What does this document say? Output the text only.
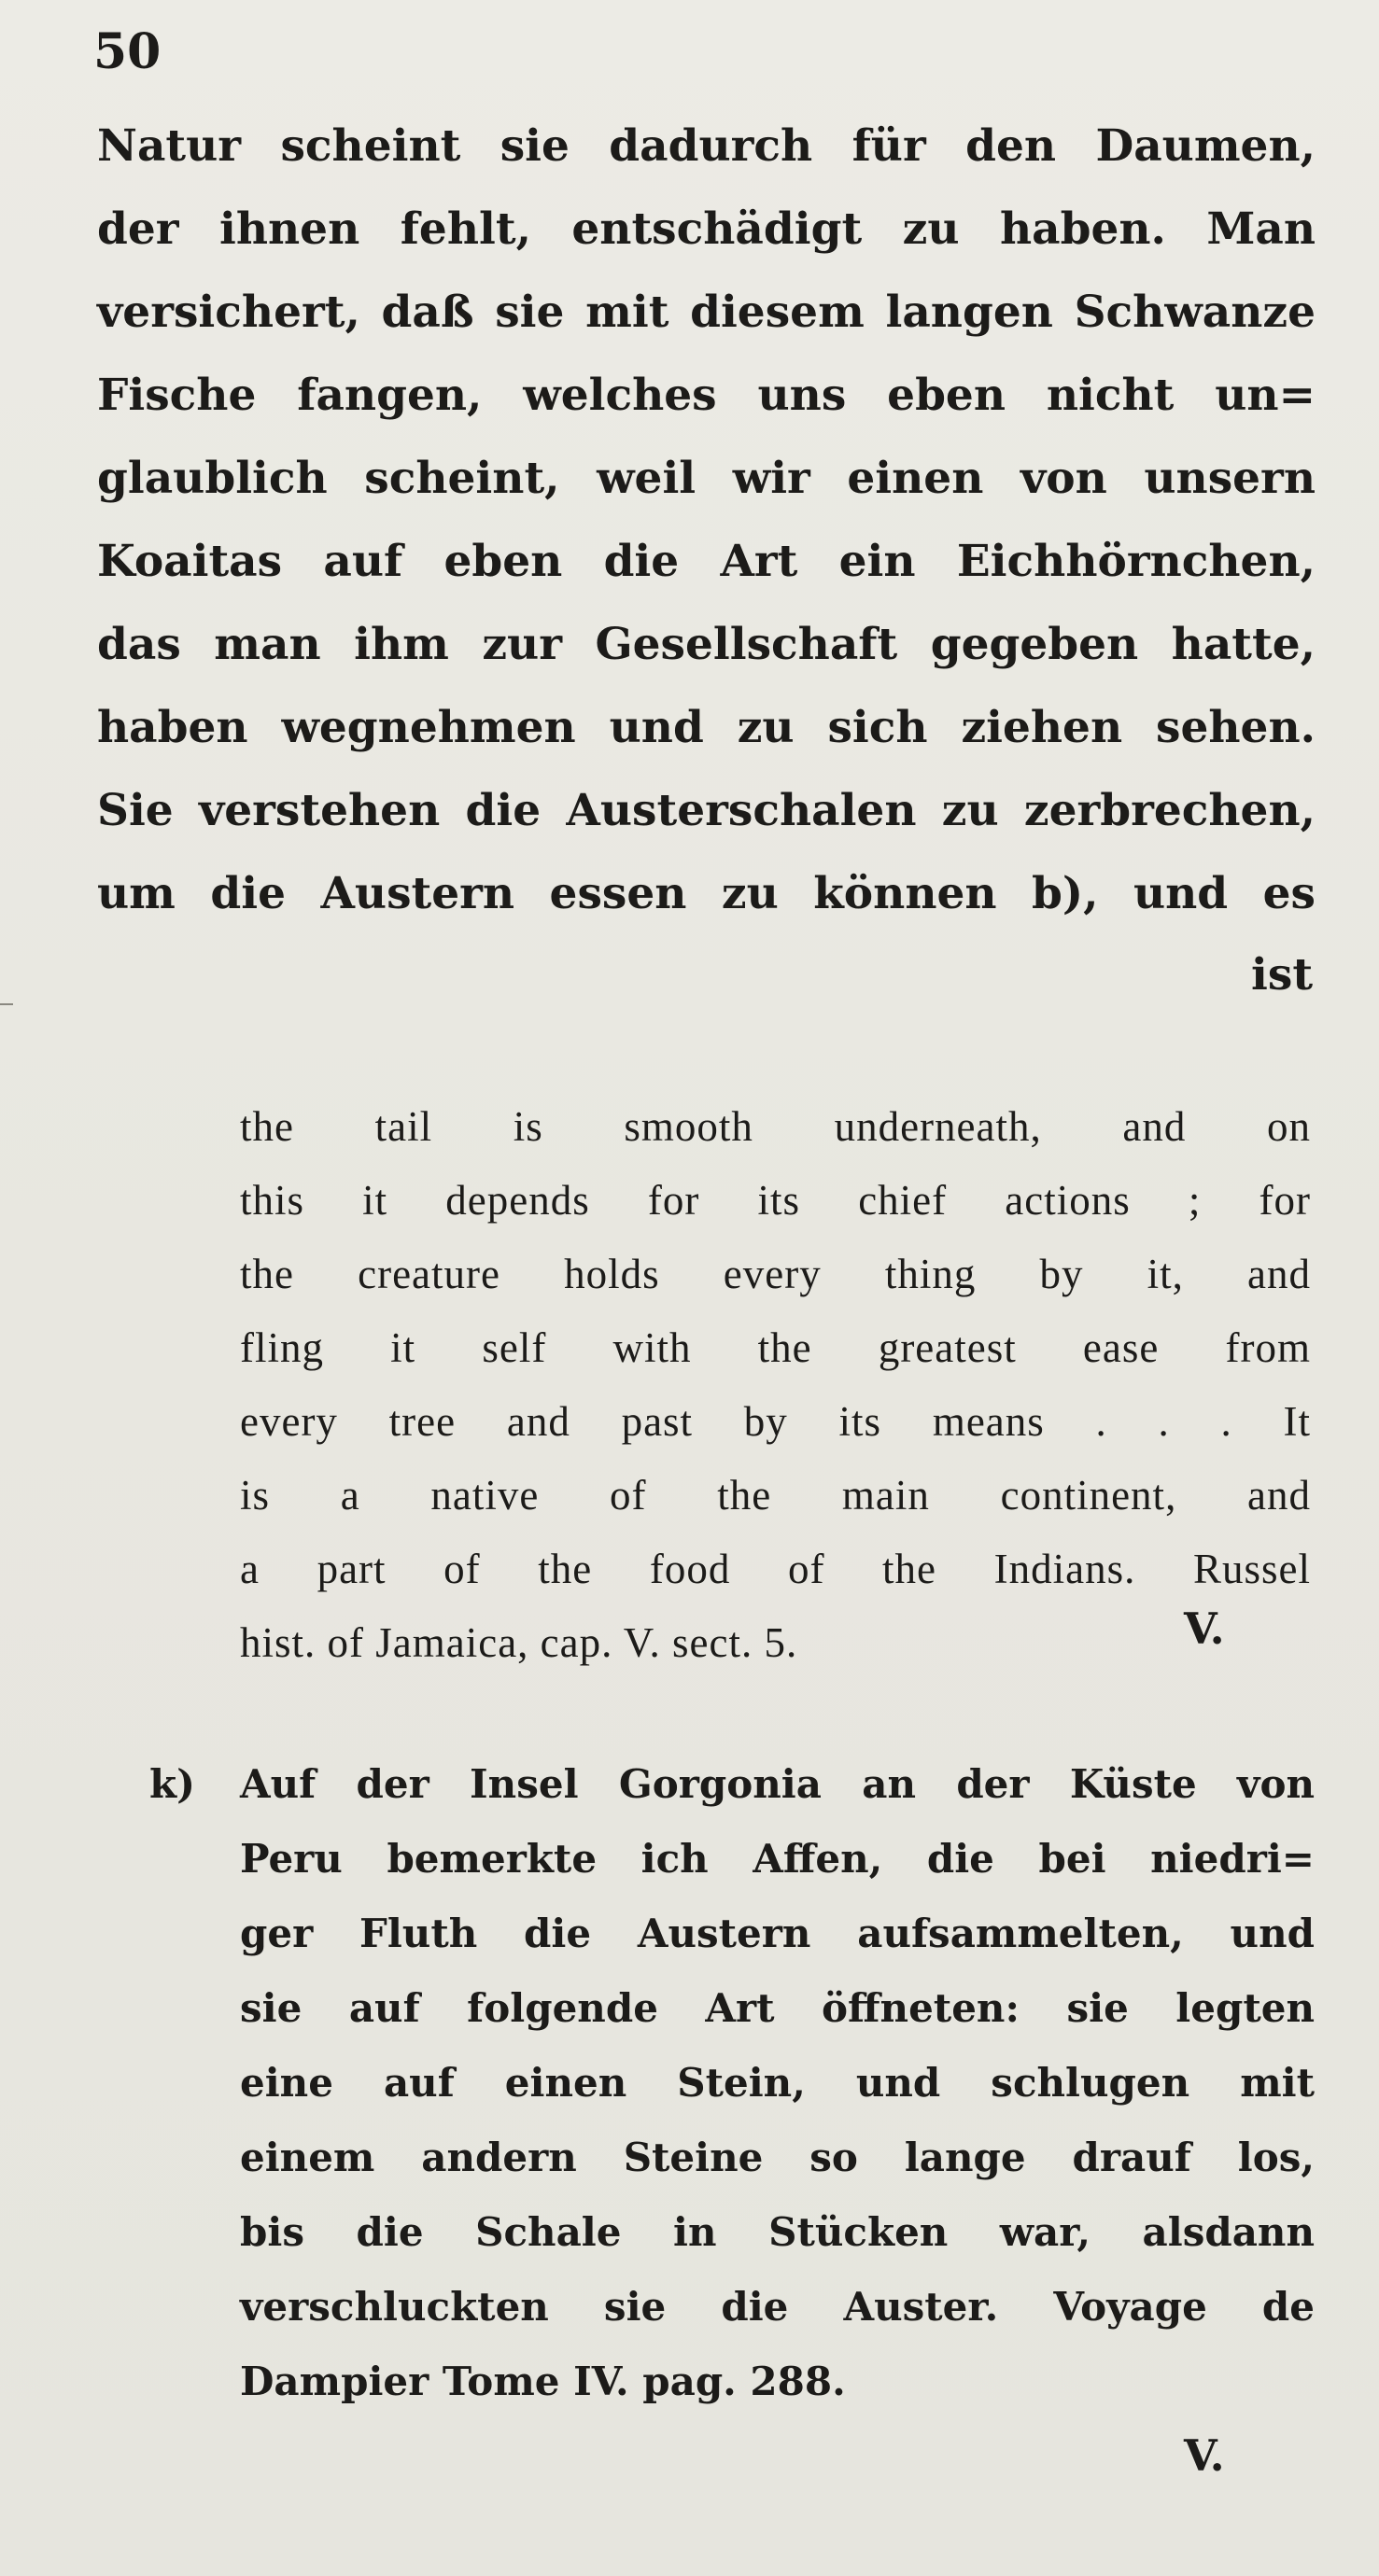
50
Natur scheint sie dadurch für den Daumen,
der ihnen fehlt, entschädigt zu haben. Man
versichert, daß sie mit diesem langen Schwanze
Fische fangen, welches uns eben nicht un=
glaublich scheint, weil wir einen von unsern
Koaitas auf eben die Art ein Eichhörnchen,
das man ihm zur Gesellschaft gegeben hatte,
haben wegnehmen und zu sich ziehen sehen.
Sie verstehen die Austerschalen zu zerbrechen,
um die Austern essen zu können b), und es
ist
the tail is smooth underneath, and on
this it depends for its chief actions ; for
the creature holds every thing by it, and
fling it self with the greatest ease from
every tree and past by its means . . . It
is a native of the main continent, and
a part of the food of the Indians. Russel
hist. of Jamaica, cap. V. sect. 5.	V.
k)	Auf der Insel Gorgonia an der Küste von
Peru bemerkte ich Affen, die bei niedri=
ger Fluth die Austern aufsammelten, und
sie auf folgende Art öffneten: sie legten
eine auf einen Stein, und schlugen mit
einem andern Steine so lange drauf los,
bis die Schale in Stücken war, alsdann
verschluckten sie die Auster. Voyage de
Dampier Tome IV. pag. 288.
V.
